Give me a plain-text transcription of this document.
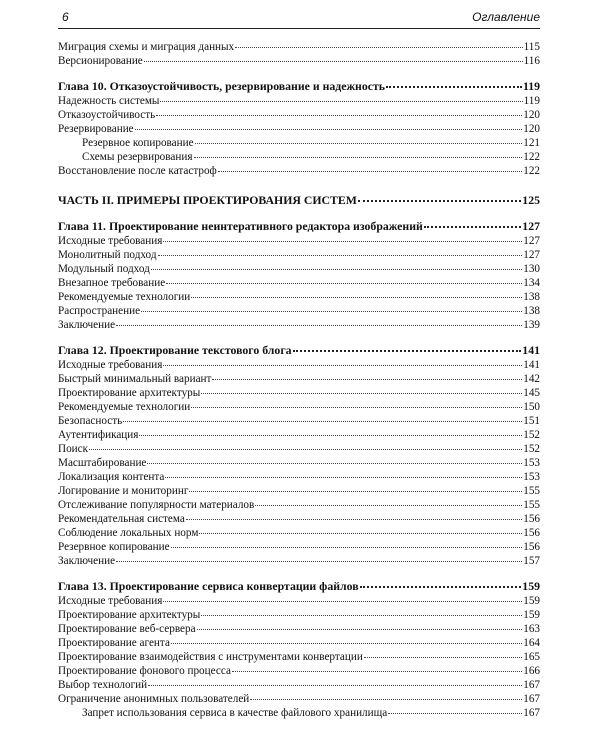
6	Оглавление
Миграция схемы и миграция данных	115
Версионирование	116
Глава 10. Отказоустойчивость, резервирование и надежность	119
Надежность системы	119
Отказоустойчивость	120
Резервирование	120
Резервное копирование	121
Схемы резервирования	122
Восстановление после катастроф	122
ЧАСТЬ II. ПРИМЕРЫ ПРОЕКТИРОВАНИЯ СИСТЕМ	125
Глава 11. Проектирование неинтеративного редактора изображений	127
Исходные требования	127
Монолитный подход	127
Модульный подход	130
Внезапное требование	134
Рекомендуемые технологии	138
Распространение	138
Заключение	139
Глава 12. Проектирование текстового блога	141
Исходные требования	141
Быстрый минимальный вариант	142
Проектирование архитектуры	145
Рекомендуемые технологии	150
Безопасность	151
Аутентификация	152
Поиск	152
Масштабирование	153
Локализация контента	153
Логирование и мониторинг	155
Отслеживание популярности материалов	155
Рекомендательная система	156
Соблюдение локальных норм	156
Резервное копирование	156
Заключение	157
Глава 13. Проектирование сервиса конвертации файлов	159
Исходные требования	159
Проектирование архитектуры	159
Проектирование веб-сервера	163
Проектирование агента	164
Проектирование взаимодействия с инструментами конвертации	165
Проектирование фонового процесса	166
Выбор технологий	167
Ограничение анонимных пользователей	167
Запрет использования сервиса в качестве файлового хранилища	167
